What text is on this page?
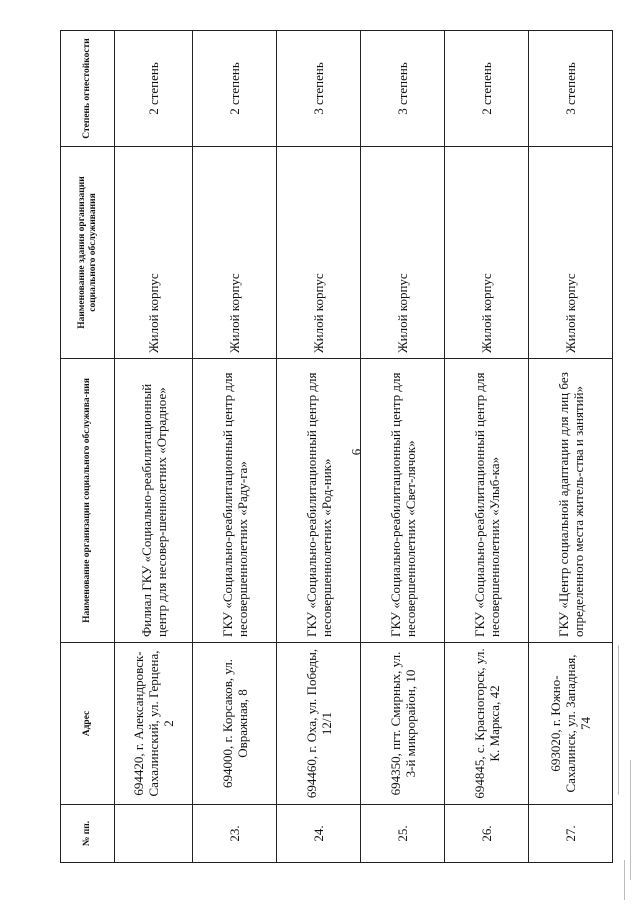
6
№ пп.	Адрес	Наименование организации социального обслужива-ния	Наименование здания организации социального обслуживания	Степень огнестойкости
	694420, г. Александровск-Сахалинский, ул. Герцена, 2	Филиал ГКУ «Социально-реабилитационный центр для несовер-шеннолетних «Отрадное»	Жилой корпус	2 степень
23.	694000, г. Корсаков, ул. Овражная, 8	ГКУ «Социально-реабилитационный центр для несовершеннолетних «Раду-га»	Жилой корпус	2 степень
24.	694460, г. Оха, ул. Победы, 12/1	ГКУ «Социально-реабилитационный центр для несовершеннолетних «Род-ник»	Жилой корпус	3 степень
25.	694350, пгт. Смирных, ул. 3-й микрорайон, 10	ГКУ «Социально-реабилитационный центр для несовершеннолетних «Свет-лячок»	Жилой корпус	3 степень
26.	694845, с. Красногорск, ул. К. Маркса, 42	ГКУ «Социально-реабилитационный центр для несовершеннолетних «Улыб-ка»	Жилой корпус	2 степень
27.	693020, г. Южно-Сахалинск, ул. Западная, 74	ГКУ «Центр социальной адаптации для лиц без определенного места житель-ства и занятий»	Жилой корпус	3 степень
